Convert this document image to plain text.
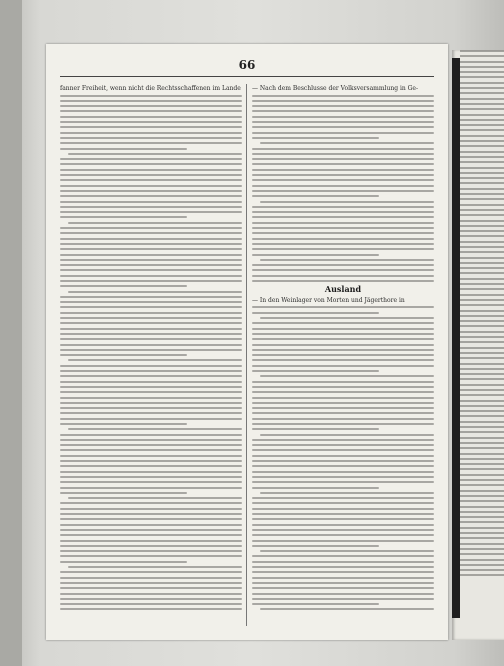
66
fanner Freiheit, wenn nicht die Rechtsschaffenen im Lande — Nach dem Beschlusse der Volksversammlung in Ge-
Ausland
— In den Weinlager von Morten und Jägerthore in
